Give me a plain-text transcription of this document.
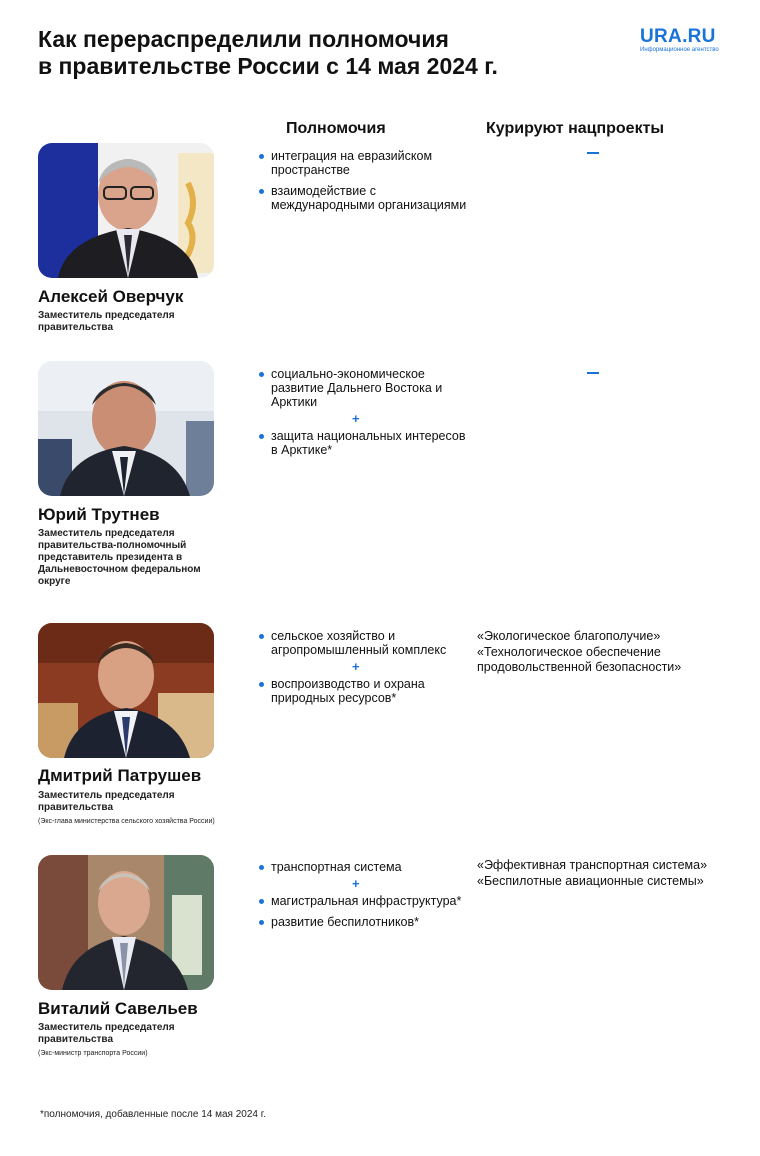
Как перераспределили полномочия
в правительстве России с 14 мая 2024 г.
URA.RU
Информационное агентство
Полномочия	Курируют нацпроекты
Алексей Оверчук
Заместитель председателя правительства
интеграция на евразийском пространстве
взаимодействие с международными организациями
Юрий Трутнев
Заместитель председателя правительства-полномочный представитель президента в Дальневосточном федеральном округе
социально-экономическое развитие Дальнего Востока и Арктики
+
защита национальных интересов в Арктике*
Дмитрий Патрушев
Заместитель председателя правительства
(Экс-глава министерства сельского хозяйства России)
сельское хозяйство и агропромышленный комплекс
+
воспроизводство и охрана природных ресурсов*
«Экологическое благополучие»
«Технологическое обеспечение продовольственной безопасности»
Виталий Савельев
Заместитель председателя правительства
(Экс-министр транспорта России)
транспортная система
+
магистральная инфраструктура*
развитие беспилотников*
«Эффективная транспортная система»
«Беспилотные авиационные системы»
*полномочия, добавленные после 14 мая 2024 г.
